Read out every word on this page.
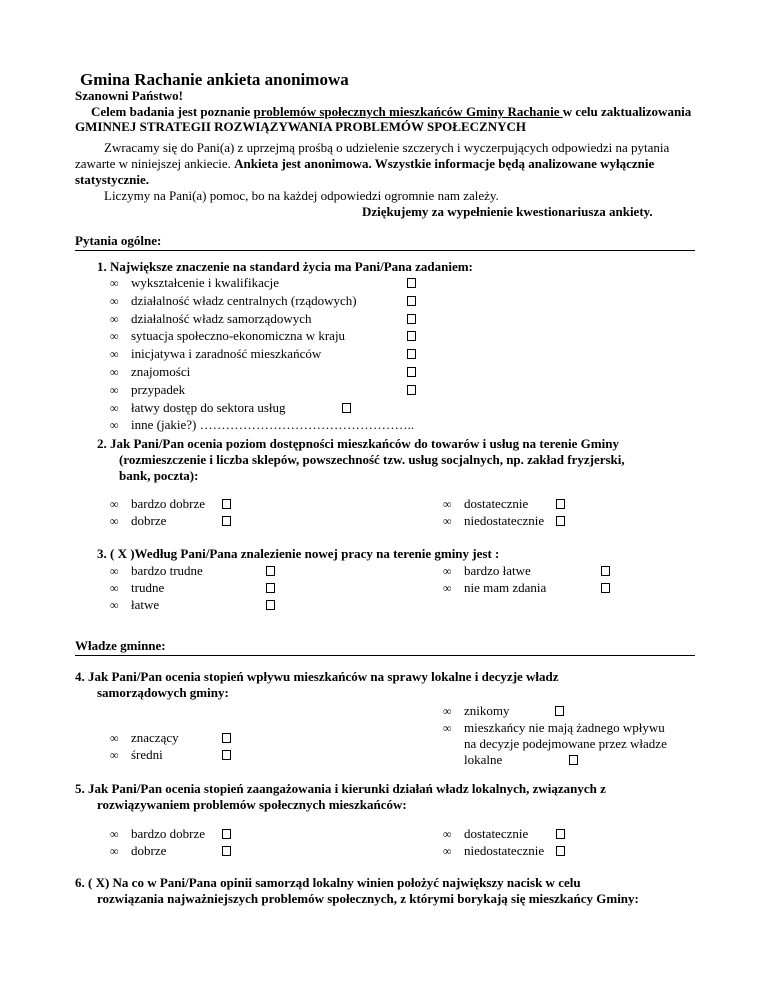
Gmina Rachanie ankieta anonimowa
Szanowni Państwo!
Celem badania jest poznanie problemów społecznych mieszkańców Gminy Rachanie w celu zaktualizowania
GMINNEJ STRATEGII ROZWIĄZYWANIA PROBLEMÓW SPOŁECZNYCH
Zwracamy się do Pani(a) z uprzejmą prośbą o udzielenie szczerych i wyczerpujących odpowiedzi na pytania
zawarte w niniejszej ankiecie. Ankieta jest anonimowa. Wszystkie informacje będą analizowane wyłącznie
statystycznie.
Liczymy na Pani(a) pomoc, bo na każdej odpowiedzi ogromnie nam zależy.
Dziękujemy za wypełnienie kwestionariusza ankiety.
Pytania ogólne:
1. Największe znaczenie na standard życia ma Pani/Pana zadaniem:
∞ wykształcenie i kwalifikacje
∞ działalność władz centralnych (rządowych)
∞ działalność władz samorządowych
∞ sytuacja społeczno-ekonomiczna w kraju
∞ inicjatywa i zaradność mieszkańców
∞ znajomości
∞ przypadek
∞ łatwy dostęp do sektora usług
∞ inne (jakie?) …………………………………………..
2. Jak Pani/Pan ocenia poziom dostępności mieszkańców do towarów i usług na terenie Gminy
(rozmieszczenie i liczba sklepów, powszechność tzw. usług socjalnych, np. zakład fryzjerski,
bank, poczta):
∞ bardzo dobrze
∞ dobrze
∞ dostatecznie
∞ niedostatecznie
3. ( X )Według Pani/Pana znalezienie nowej pracy na terenie gminy jest :
∞ bardzo trudne
∞ trudne
∞ łatwe
∞ bardzo łatwe
∞ nie mam zdania
Władze gminne:
4. Jak Pani/Pan ocenia stopień wpływu mieszkańców na sprawy lokalne i decyzje władz
samorządowych gminy:
∞ znikomy
∞ mieszkańcy nie mają żadnego wpływu
na decyzje podejmowane przez władze
lokalne
∞ znaczący
∞ średni
5. Jak Pani/Pan ocenia stopień zaangażowania i kierunki działań władz lokalnych, związanych z
rozwiązywaniem problemów społecznych mieszkańców:
∞ bardzo dobrze
∞ dobrze
∞ dostatecznie
∞ niedostatecznie
6. ( X) Na co w Pani/Pana opinii samorząd lokalny winien położyć największy nacisk w celu
rozwiązania najważniejszych problemów społecznych, z którymi borykają się mieszkańcy Gminy:
